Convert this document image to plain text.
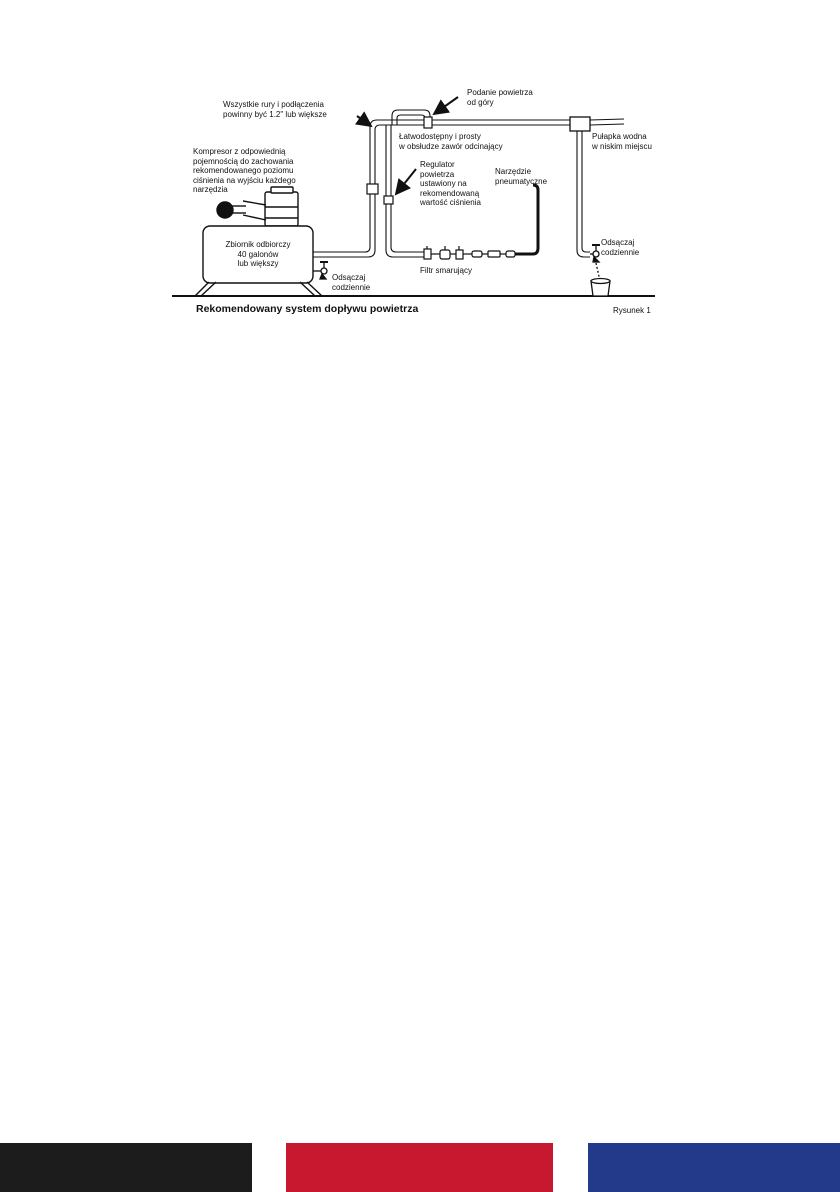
Wszystkie rury i podłączenia
powinny być 1.2" lub większe
Kompresor z odpowiednią
pojemnością do zachowania
rekomendowanego poziomu
ciśnienia na wyjściu każdego
narzędzia
Zbiornik odbiorczy
40 galonów
lub większy
Odsączaj
codziennie
Podanie powietrza
od góry
Łatwodostępny i prosty
w obsłudze zawór odcinający
Regulator
powietrza
ustawiony na
rekomendowaną
wartość ciśnienia
Narzędzie
pneumatyczne
Filtr smarujący
Pułapka wodna
w niskim miejscu
Odsączaj
codziennie
Rekomendowany system dopływu powietrza	Rysunek 1
